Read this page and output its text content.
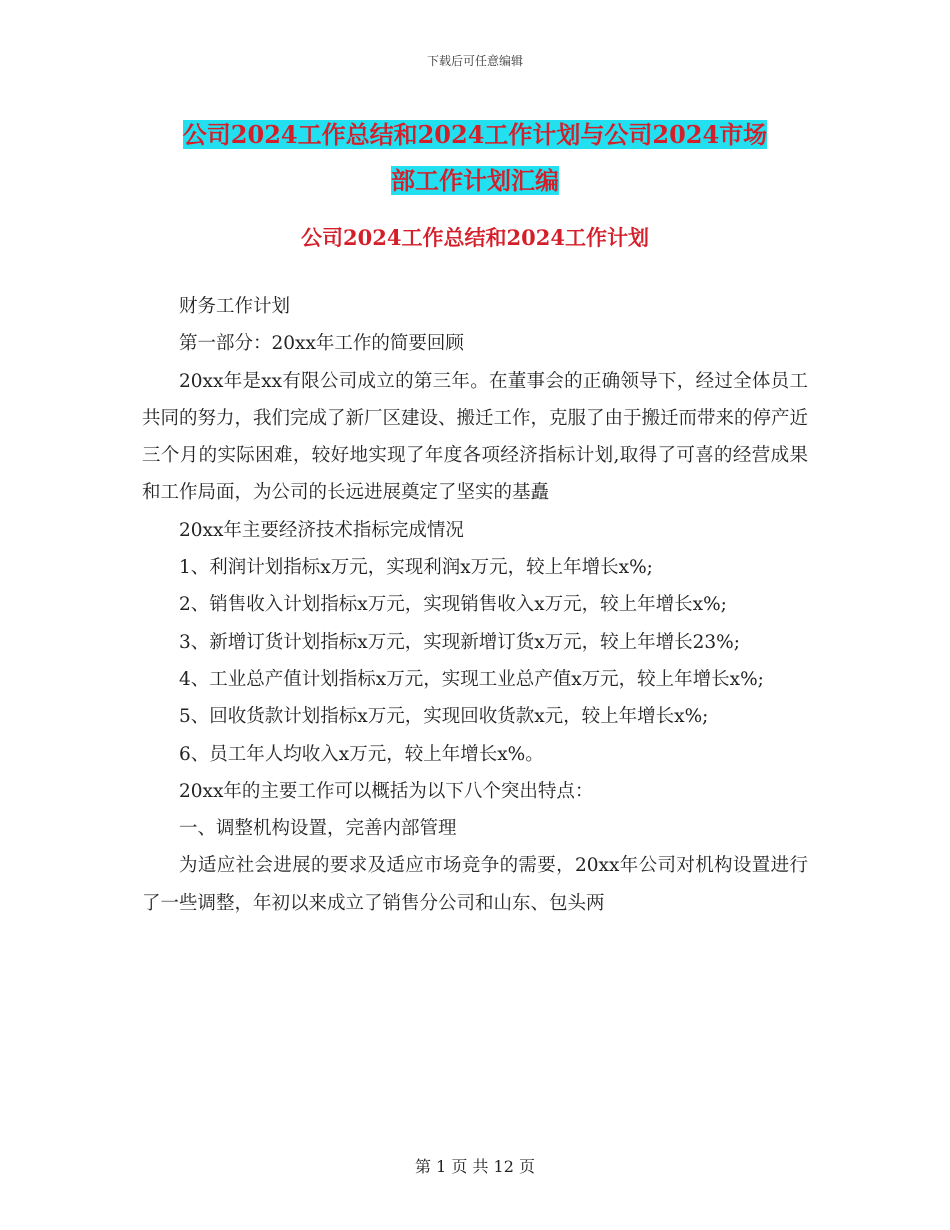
下载后可任意编辑
公司2024工作总结和2024工作计划与公司2024市场
部工作计划汇编
公司2024工作总结和2024工作计划

财务工作计划

第一部分：20xx年工作的简要回顾

20xx年是xx有限公司成立的第三年。在董事会的正确领导下，经过全体员工共同的努力，我们完成了新厂区建设、搬迁工作，克服了由于搬迁而带来的停产近三个月的实际困难，较好地实现了年度各项经济指标计划,取得了可喜的经营成果和工作局面，为公司的长远进展奠定了坚实的基矗

20xx年主要经济技术指标完成情况

1、利润计划指标x万元，实现利润x万元，较上年增长x%;

2、销售收入计划指标x万元，实现销售收入x万元，较上年增长x%;

3、新增订货计划指标x万元，实现新增订货x万元，较上年增长23%;

4、工业总产值计划指标x万元，实现工业总产值x万元，较上年增长x%;

5、回收货款计划指标x万元，实现回收货款x元，较上年增长x%;

6、员工年人均收入x万元，较上年增长x%。

20xx年的主要工作可以概括为以下八个突出特点：

一、调整机构设置，完善内部管理

为适应社会进展的要求及适应市场竞争的需要，20xx年公司对机构设置进行了一些调整，年初以来成立了销售分公司和山东、包头两

第 1 页 共 12 页
